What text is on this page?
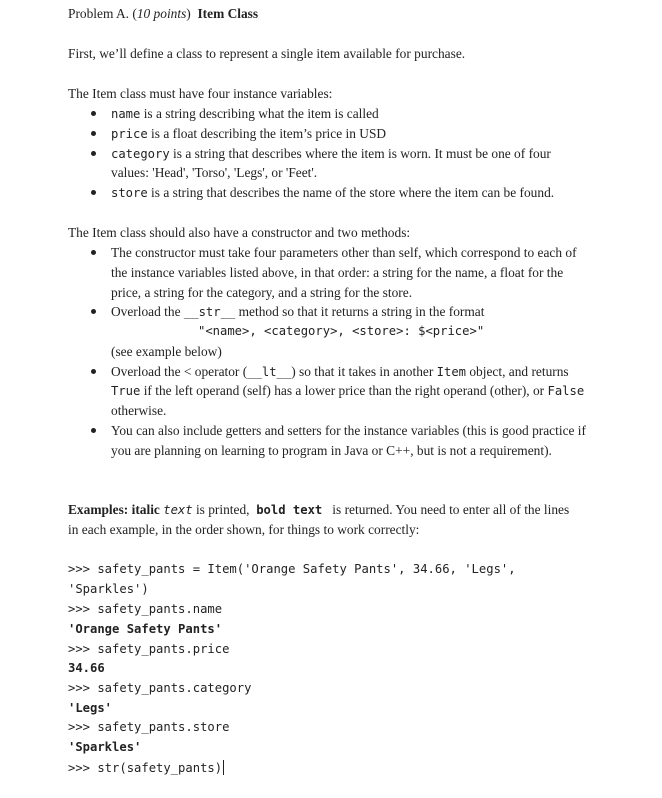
Problem A. (10 points) Item Class
First, we’ll define a class to represent a single item available for purchase.
The Item class must have four instance variables:
name is a string describing what the item is called
price is a float describing the item’s price in USD
category is a string that describes where the item is worn. It must be one of four
values: 'Head', 'Torso', 'Legs', or 'Feet'.
store is a string that describes the name of the store where the item can be found.
The Item class should also have a constructor and two methods:
The constructor must take four parameters other than self, which correspond to each of
the instance variables listed above, in that order: a string for the name, a float for the
price, a string for the category, and a string for the store.
Overload the __str__ method so that it returns a string in the format
"<name>, <category>, <store>: $<price>"
(see example below)
Overload the < operator (__lt__) so that it takes in another Item object, and returns
True if the left operand (self) has a lower price than the right operand (other), or False
otherwise.
You can also include getters and setters for the instance variables (this is good practice if
you are planning on learning to program in Java or C++, but is not a requirement).
Examples: italic text is printed, bold text   is returned. You need to enter all of the lines
in each example, in the order shown, for things to work correctly:
>>> safety_pants = Item('Orange Safety Pants', 34.66, 'Legs',
'Sparkles')
>>> safety_pants.name
'Orange Safety Pants'
>>> safety_pants.price
34.66
>>> safety_pants.category
'Legs'
>>> safety_pants.store
'Sparkles'
>>> str(safety_pants)
